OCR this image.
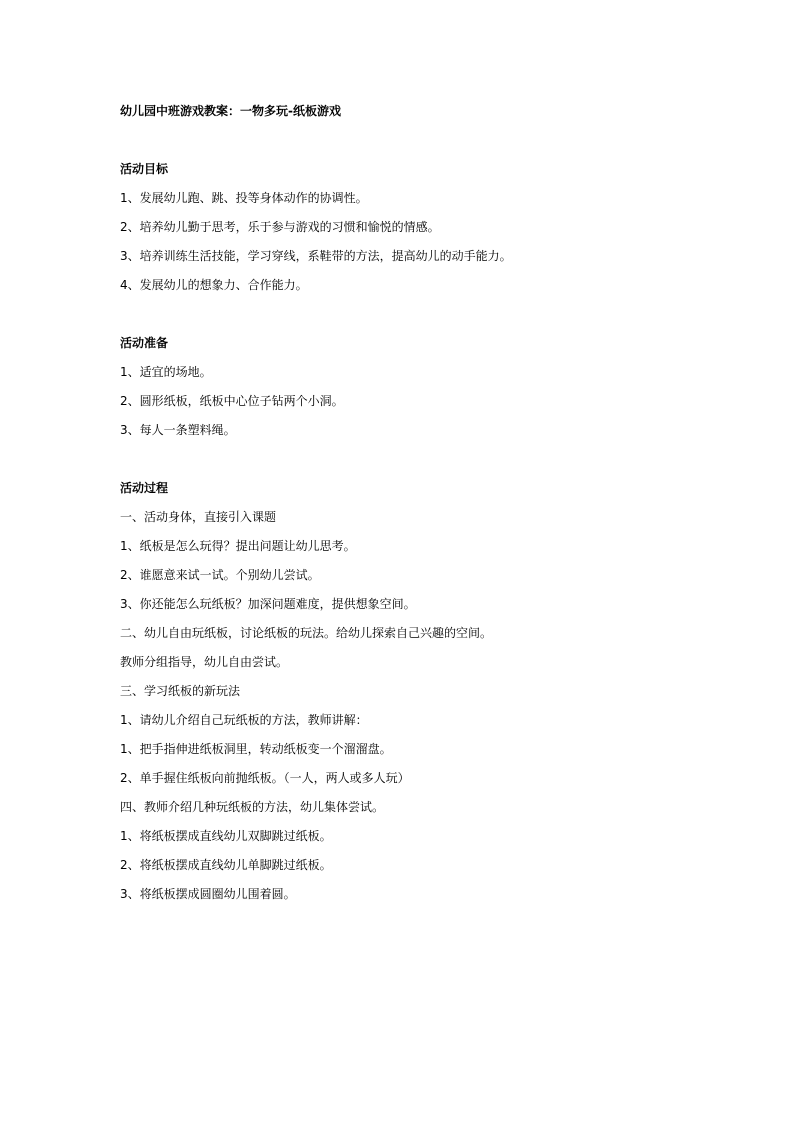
幼儿园中班游戏教案：一物多玩-纸板游戏
活动目标
1、发展幼儿跑、跳、投等身体动作的协调性。
2、培养幼儿勤于思考，乐于参与游戏的习惯和愉悦的情感。
3、培养训练生活技能，学习穿线，系鞋带的方法，提高幼儿的动手能力。
4、发展幼儿的想象力、合作能力。
活动准备
1、适宜的场地。
2、圆形纸板，纸板中心位子钻两个小洞。
3、每人一条塑料绳。
活动过程
一、活动身体，直接引入课题
1、纸板是怎么玩得？提出问题让幼儿思考。
2、谁愿意来试一试。个别幼儿尝试。
3、你还能怎么玩纸板？加深问题难度，提供想象空间。
二、幼儿自由玩纸板，讨论纸板的玩法。给幼儿探索自己兴趣的空间。
教师分组指导，幼儿自由尝试。
三、学习纸板的新玩法
1、请幼儿介绍自己玩纸板的方法，教师讲解：
1、把手指伸进纸板洞里，转动纸板变一个溜溜盘。
2、单手握住纸板向前抛纸板。（一人，两人或多人玩）
四、教师介绍几种玩纸板的方法，幼儿集体尝试。
1、将纸板摆成直线幼儿双脚跳过纸板。
2、将纸板摆成直线幼儿单脚跳过纸板。
3、将纸板摆成圆圈幼儿围着圆。
